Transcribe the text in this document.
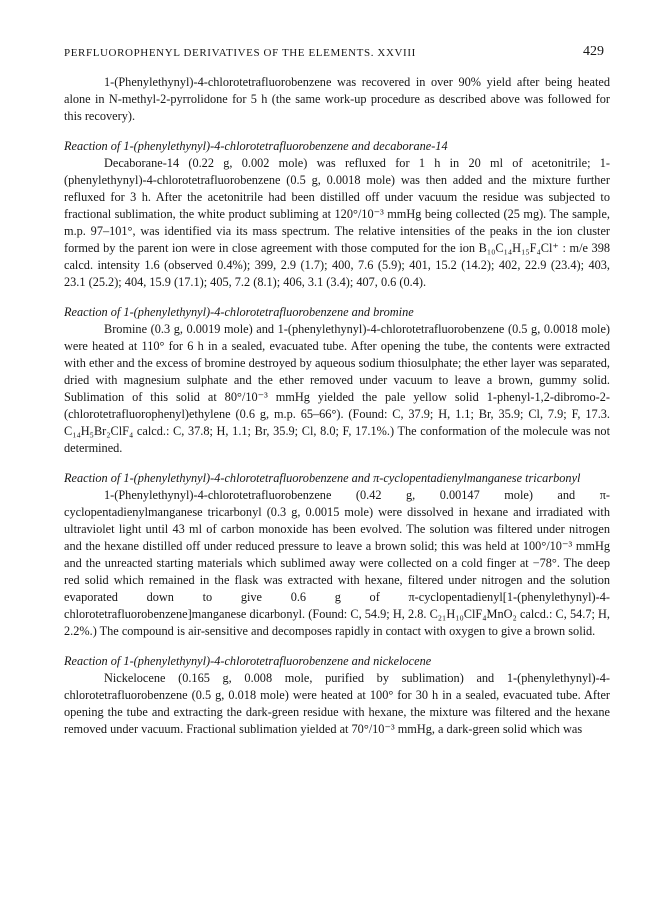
PERFLUOROPHENYL DERIVATIVES OF THE ELEMENTS. XXVIII	429

1-(Phenylethynyl)-4-chlorotetrafluorobenzene was recovered in over 90% yield after being heated alone in N-methyl-2-pyrrolidone for 5 h (the same work-up procedure as described above was followed for this recovery).

Reaction of 1-(phenylethynyl)-4-chlorotetrafluorobenzene and decaborane-14

Decaborane-14 (0.22 g, 0.002 mole) was refluxed for 1 h in 20 ml of acetonitrile; 1-(phenylethynyl)-4-chlorotetrafluorobenzene (0.5 g, 0.0018 mole) was then added and the mixture further refluxed for 3 h. After the acetonitrile had been distilled off under vacuum the residue was subjected to fractional sublimation, the white product subliming at 120°/10⁻³ mmHg being collected (25 mg). The sample, m.p. 97–101°, was identified via its mass spectrum. The relative intensities of the peaks in the ion cluster formed by the parent ion were in close agreement with those computed for the ion B₁₀C₁₄H₁₅F₄Cl⁺ : m/e 398 calcd. intensity 1.6 (observed 0.4%); 399, 2.9 (1.7); 400, 7.6 (5.9); 401, 15.2 (14.2); 402, 22.9 (23.4); 403, 23.1 (25.2); 404, 15.9 (17.1); 405, 7.2 (8.1); 406, 3.1 (3.4); 407, 0.6 (0.4).

Reaction of 1-(phenylethynyl)-4-chlorotetrafluorobenzene and bromine

Bromine (0.3 g, 0.0019 mole) and 1-(phenylethynyl)-4-chlorotetrafluorobenzene (0.5 g, 0.0018 mole) were heated at 110° for 6 h in a sealed, evacuated tube. After opening the tube, the contents were extracted with ether and the excess of bromine destroyed by aqueous sodium thiosulphate; the ether layer was separated, dried with magnesium sulphate and the ether removed under vacuum to leave a brown, gummy solid. Sublimation of this solid at 80°/10⁻³ mmHg yielded the pale yellow solid 1-phenyl-1,2-dibromo-2-(chlorotetrafluorophenyl)ethylene (0.6 g, m.p. 65–66°). (Found: C, 37.9; H, 1.1; Br, 35.9; Cl, 7.9; F, 17.3. C₁₄H₅Br₂ClF₄ calcd.: C, 37.8; H, 1.1; Br, 35.9; Cl, 8.0; F, 17.1%.) The conformation of the molecule was not determined.

Reaction of 1-(phenylethynyl)-4-chlorotetrafluorobenzene and π-cyclopentadienylmanganese tricarbonyl

1-(Phenylethynyl)-4-chlorotetrafluorobenzene (0.42 g, 0.00147 mole) and π-cyclopentadienylmanganese tricarbonyl (0.3 g, 0.0015 mole) were dissolved in hexane and irradiated with ultraviolet light until 43 ml of carbon monoxide has been evolved. The solution was filtered under nitrogen and the hexane distilled off under reduced pressure to leave a brown solid; this was held at 100°/10⁻³ mmHg and the unreacted starting materials which sublimed away were collected on a cold finger at −78°. The deep red solid which remained in the flask was extracted with hexane, filtered under nitrogen and the solution evaporated down to give 0.6 g of π-cyclopentadienyl[1-(phenylethynyl)-4-chlorotetrafluorobenzene]manganese dicarbonyl. (Found: C, 54.9; H, 2.8. C₂₁H₁₀ClF₄MnO₂ calcd.: C, 54.7; H, 2.2%.) The compound is air-sensitive and decomposes rapidly in contact with oxygen to give a brown solid.

Reaction of 1-(phenylethynyl)-4-chlorotetrafluorobenzene and nickelocene

Nickelocene (0.165 g, 0.008 mole, purified by sublimation) and 1-(phenylethynyl)-4-chlorotetrafluorobenzene (0.5 g, 0.018 mole) were heated at 100° for 30 h in a sealed, evacuated tube. After opening the tube and extracting the dark-green residue with hexane, the mixture was filtered and the hexane removed under vacuum. Fractional sublimation yielded at 70°/10⁻³ mmHg, a dark-green solid which was
